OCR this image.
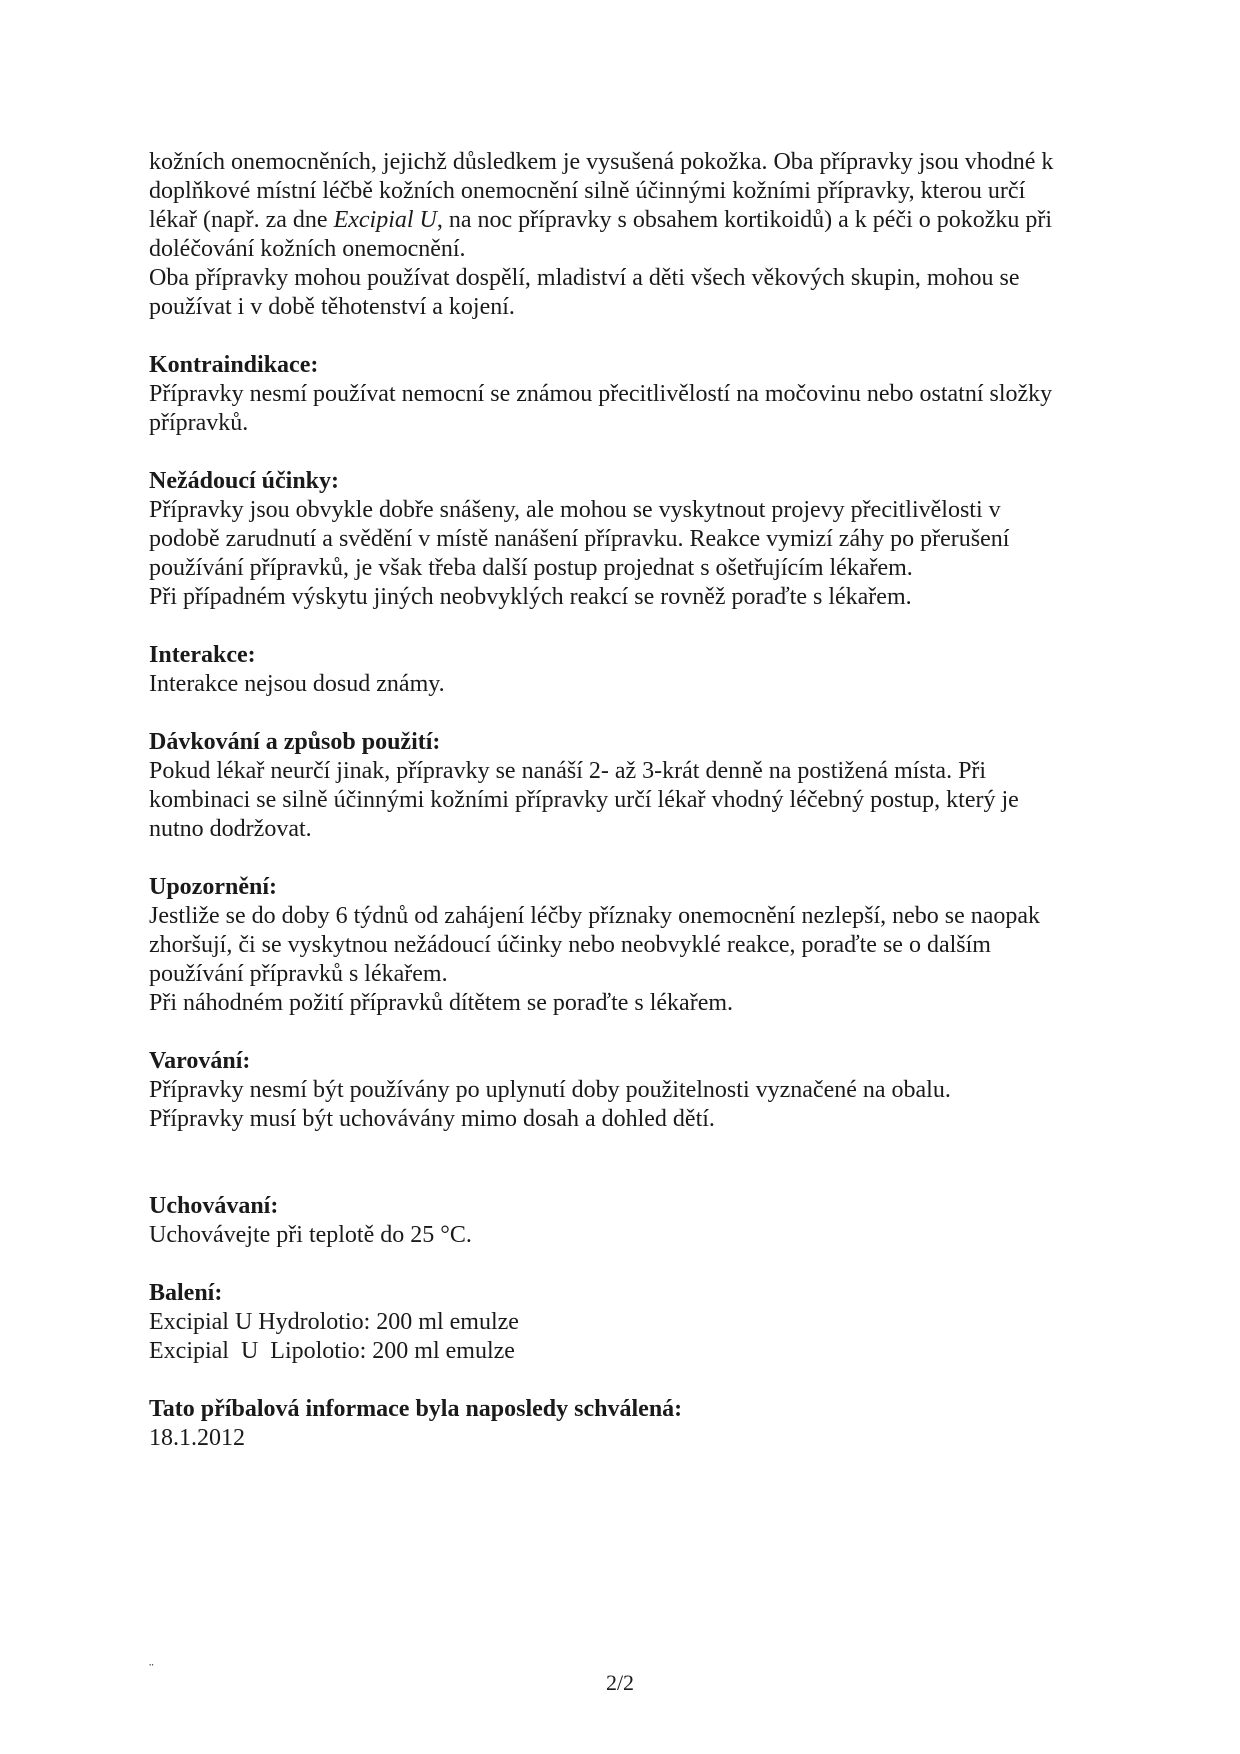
kožních onemocněních, jejichž důsledkem je vysušená pokožka. Oba přípravky jsou vhodné k

doplňkové místní léčbě kožních onemocnění silně účinnými kožními přípravky, kterou určí

lékař (např. za dne Excipial U, na noc přípravky s obsahem kortikoidů) a k péči o pokožku při

doléčování kožních onemocnění.

Oba přípravky mohou používat dospělí, mladiství a děti všech věkových skupin, mohou se

používat i v době těhotenství a kojení.

Kontraindikace:

Přípravky nesmí používat nemocní se známou přecitlivělostí na močovinu nebo ostatní složky

přípravků.

Nežádoucí účinky:

Přípravky jsou obvykle dobře snášeny, ale mohou se vyskytnout projevy přecitlivělosti v

podobě zarudnutí a svědění v místě nanášení přípravku. Reakce vymizí záhy po přerušení

používání přípravků, je však třeba další postup projednat s ošetřujícím lékařem.

Při případném výskytu jiných neobvyklých reakcí se rovněž poraďte s lékařem.

Interakce:

Interakce nejsou dosud známy.

Dávkování a způsob použití:

Pokud lékař neurčí jinak, přípravky se nanáší 2- až 3-krát denně na postižená místa. Při

kombinaci se silně účinnými kožními přípravky určí lékař vhodný léčebný postup, který je

nutno dodržovat.

Upozornění:

Jestliže se do doby 6 týdnů od zahájení léčby příznaky onemocnění nezlepší, nebo se naopak

zhoršují, či se vyskytnou nežádoucí účinky nebo neobvyklé reakce, poraďte se o dalším

používání přípravků s lékařem.

Při náhodném požití přípravků dítětem se poraďte s lékařem.

Varování:

Přípravky nesmí být používány po uplynutí doby použitelnosti vyznačené na obalu.

Přípravky musí být uchovávány mimo dosah a dohled dětí.

Uchovávaní:

Uchovávejte při teplotě do 25 °C.

Balení:

Excipial U Hydrolotio: 200 ml emulze

Excipial  U  Lipolotio: 200 ml emulze

Tato příbalová informace byla naposledy schválená:

18.1.2012

¨
2/2
